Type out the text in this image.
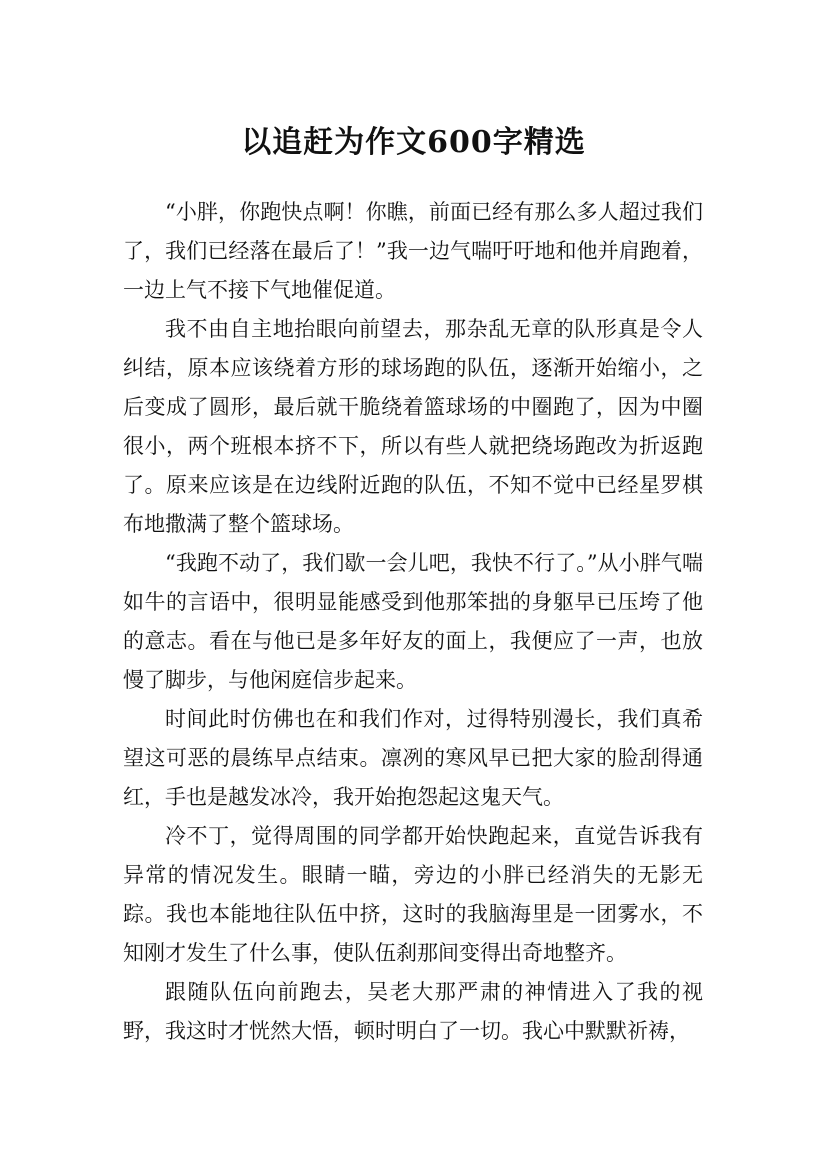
以追赶为作文600字精选

“小胖，你跑快点啊！你瞧，前面已经有那么多人超过我们了，我们已经落在最后了！”我一边气喘吁吁地和他并肩跑着，一边上气不接下气地催促道。

我不由自主地抬眼向前望去，那杂乱无章的队形真是令人纠结，原本应该绕着方形的球场跑的队伍，逐渐开始缩小，之后变成了圆形，最后就干脆绕着篮球场的中圈跑了，因为中圈很小，两个班根本挤不下，所以有些人就把绕场跑改为折返跑了。原来应该是在边线附近跑的队伍，不知不觉中已经星罗棋布地撒满了整个篮球场。

“我跑不动了，我们歇一会儿吧，我快不行了。”从小胖气喘如牛的言语中，很明显能感受到他那笨拙的身躯早已压垮了他的意志。看在与他已是多年好友的面上，我便应了一声，也放慢了脚步，与他闲庭信步起来。

时间此时仿佛也在和我们作对，过得特别漫长，我们真希望这可恶的晨练早点结束。凛冽的寒风早已把大家的脸刮得通红，手也是越发冰冷，我开始抱怨起这鬼天气。

冷不丁，觉得周围的同学都开始快跑起来，直觉告诉我有异常的情况发生。眼睛一瞄，旁边的小胖已经消失的无影无踪。我也本能地往队伍中挤，这时的我脑海里是一团雾水，不知刚才发生了什么事，使队伍刹那间变得出奇地整齐。

跟随队伍向前跑去，吴老大那严肃的神情进入了我的视野，我这时才恍然大悟，顿时明白了一切。我心中默默祈祷，
